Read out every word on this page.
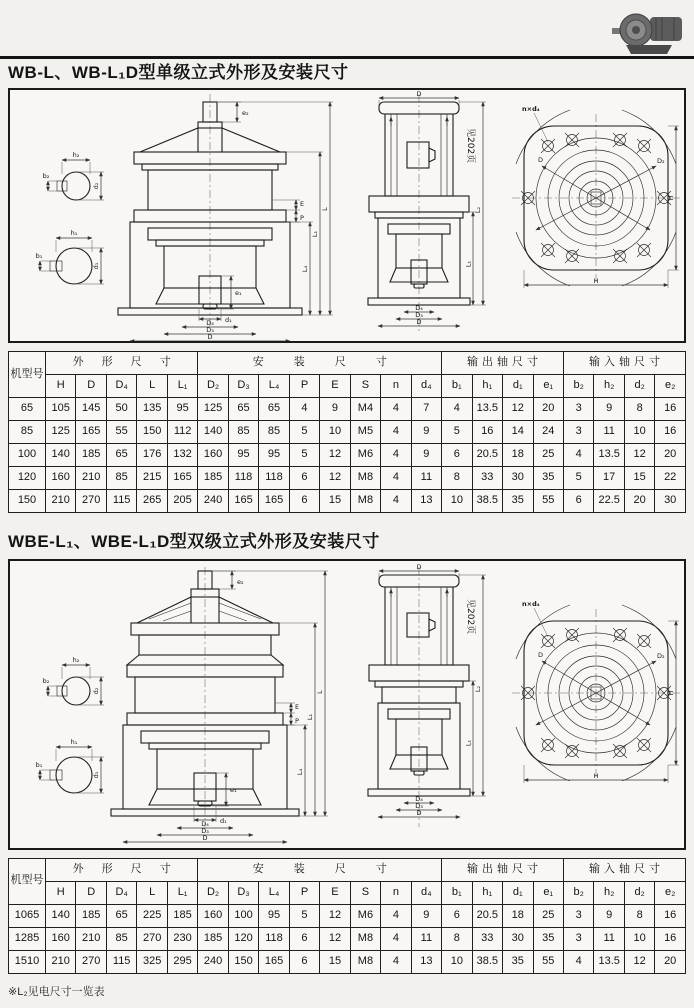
WB-L、WB-L₁D型单级立式外形及安装尺寸
h₂
b₂
d₂
h₁
b₁
d₁
e₂
E
P
e₁
d₁
D₄
D₃
D
L₄
L₁
L
D
D₄
D₃
D
见202页
L₁
L₂
n×d₄
D	D₂
H
H
机型号	外形尺寸					安装尺寸								输出轴尺寸				输入轴尺寸			
	H	D	D₄	L	L₁	D₂	D₃	L₄	P	E	S	n	d₄	b₁	h₁	d₁	e₁	b₂	h₂	d₂	e₂
65	105	145	50	135	95	125	65	65	4	9	M4	4	7	4	13.5	12	20	3	9	8	16
85	125	165	55	150	112	140	85	85	5	10	M5	4	9	5	16	14	24	3	11	10	16
100	140	185	65	176	132	160	95	95	5	12	M6	4	9	6	20.5	18	25	4	13.5	12	20
120	160	210	85	215	165	185	118	118	6	12	M8	4	11	8	33	30	35	5	17	15	22
150	210	270	115	265	205	240	165	165	6	15	M8	4	13	10	38.5	35	55	6	22.5	20	30
WBE-L₁、WBE-L₁D型双级立式外形及安装尺寸
h₂
b₂
d₂
h₁
b₁
d₁
e₂
E
P
e₁
d₁
D₄
D₃
D
L₄
L₁
L
D
D₄
D₃
D
见202页
L₁
L₂
n×d₄
D	D₂
H
H
机型号	外形尺寸					安装尺寸								输出轴尺寸				输入轴尺寸			
	H	D	D₄	L	L₁	D₂	D₃	L₄	P	E	S	n	d₄	b₁	h₁	d₁	e₁	b₂	h₂	d₂	e₂
1065	140	185	65	225	185	160	100	95	5	12	M6	4	9	6	20.5	18	25	3	9	8	16
1285	160	210	85	270	230	185	120	118	6	12	M8	4	11	8	33	30	35	3	11	10	16
1510	210	270	115	325	295	240	150	165	6	15	M8	4	13	10	38.5	35	55	4	13.5	12	20
※L₂见电尺寸一览表
